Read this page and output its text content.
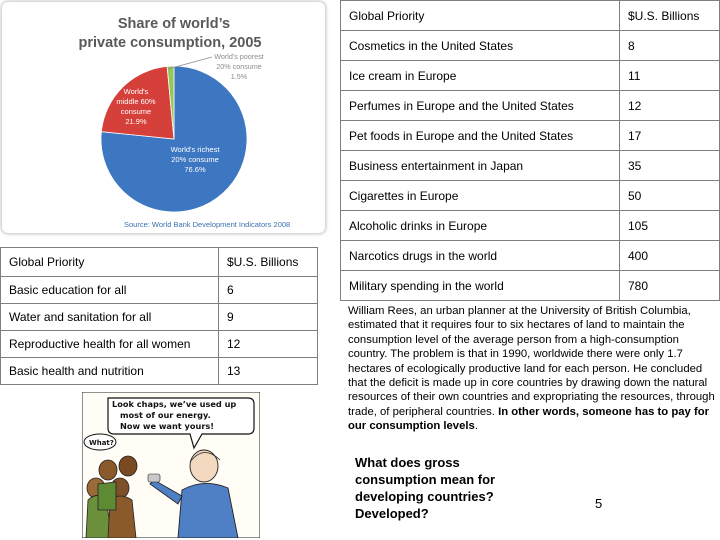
Share of world’s
private consumption, 2005
World's richest
20% consume
76.6%
World's
middle 60%
consume
21.9%
World's poorest
20% consume
1.5%
Source: World Bank Development Indicators 2008
Global Priority	$U.S. Billions
Cosmetics in the United States	8
Ice cream in Europe	11
Perfumes in Europe and the United States	12
Pet foods in Europe and the United States	17
Business entertainment in Japan	35
Cigarettes in Europe	50
Alcoholic drinks in Europe	105
Narcotics drugs in the world	400
Military spending in the world	780
Global Priority	$U.S. Billions
Basic education for all	6
Water and sanitation for all	9
Reproductive health for all women	12
Basic health and nutrition	13

William Rees, an urban planner at the University of British Columbia, estimated that it requires four to six hectares of land to maintain the consumption level of the average person from a high-consumption country. The problem is that in 1990, worldwide there were only 1.7 hectares of ecologically productive land for each person. He concluded that the deficit is made up in core countries by drawing down the natural resources of their own countries and expropriating the resources, through trade, of peripheral countries. In other words, someone has to pay for our consumption levels.

What does gross consumption mean for developing countries? Developed?

5
Look chaps, we’ve used up
most of our energy.
Now we want yours!
What?
